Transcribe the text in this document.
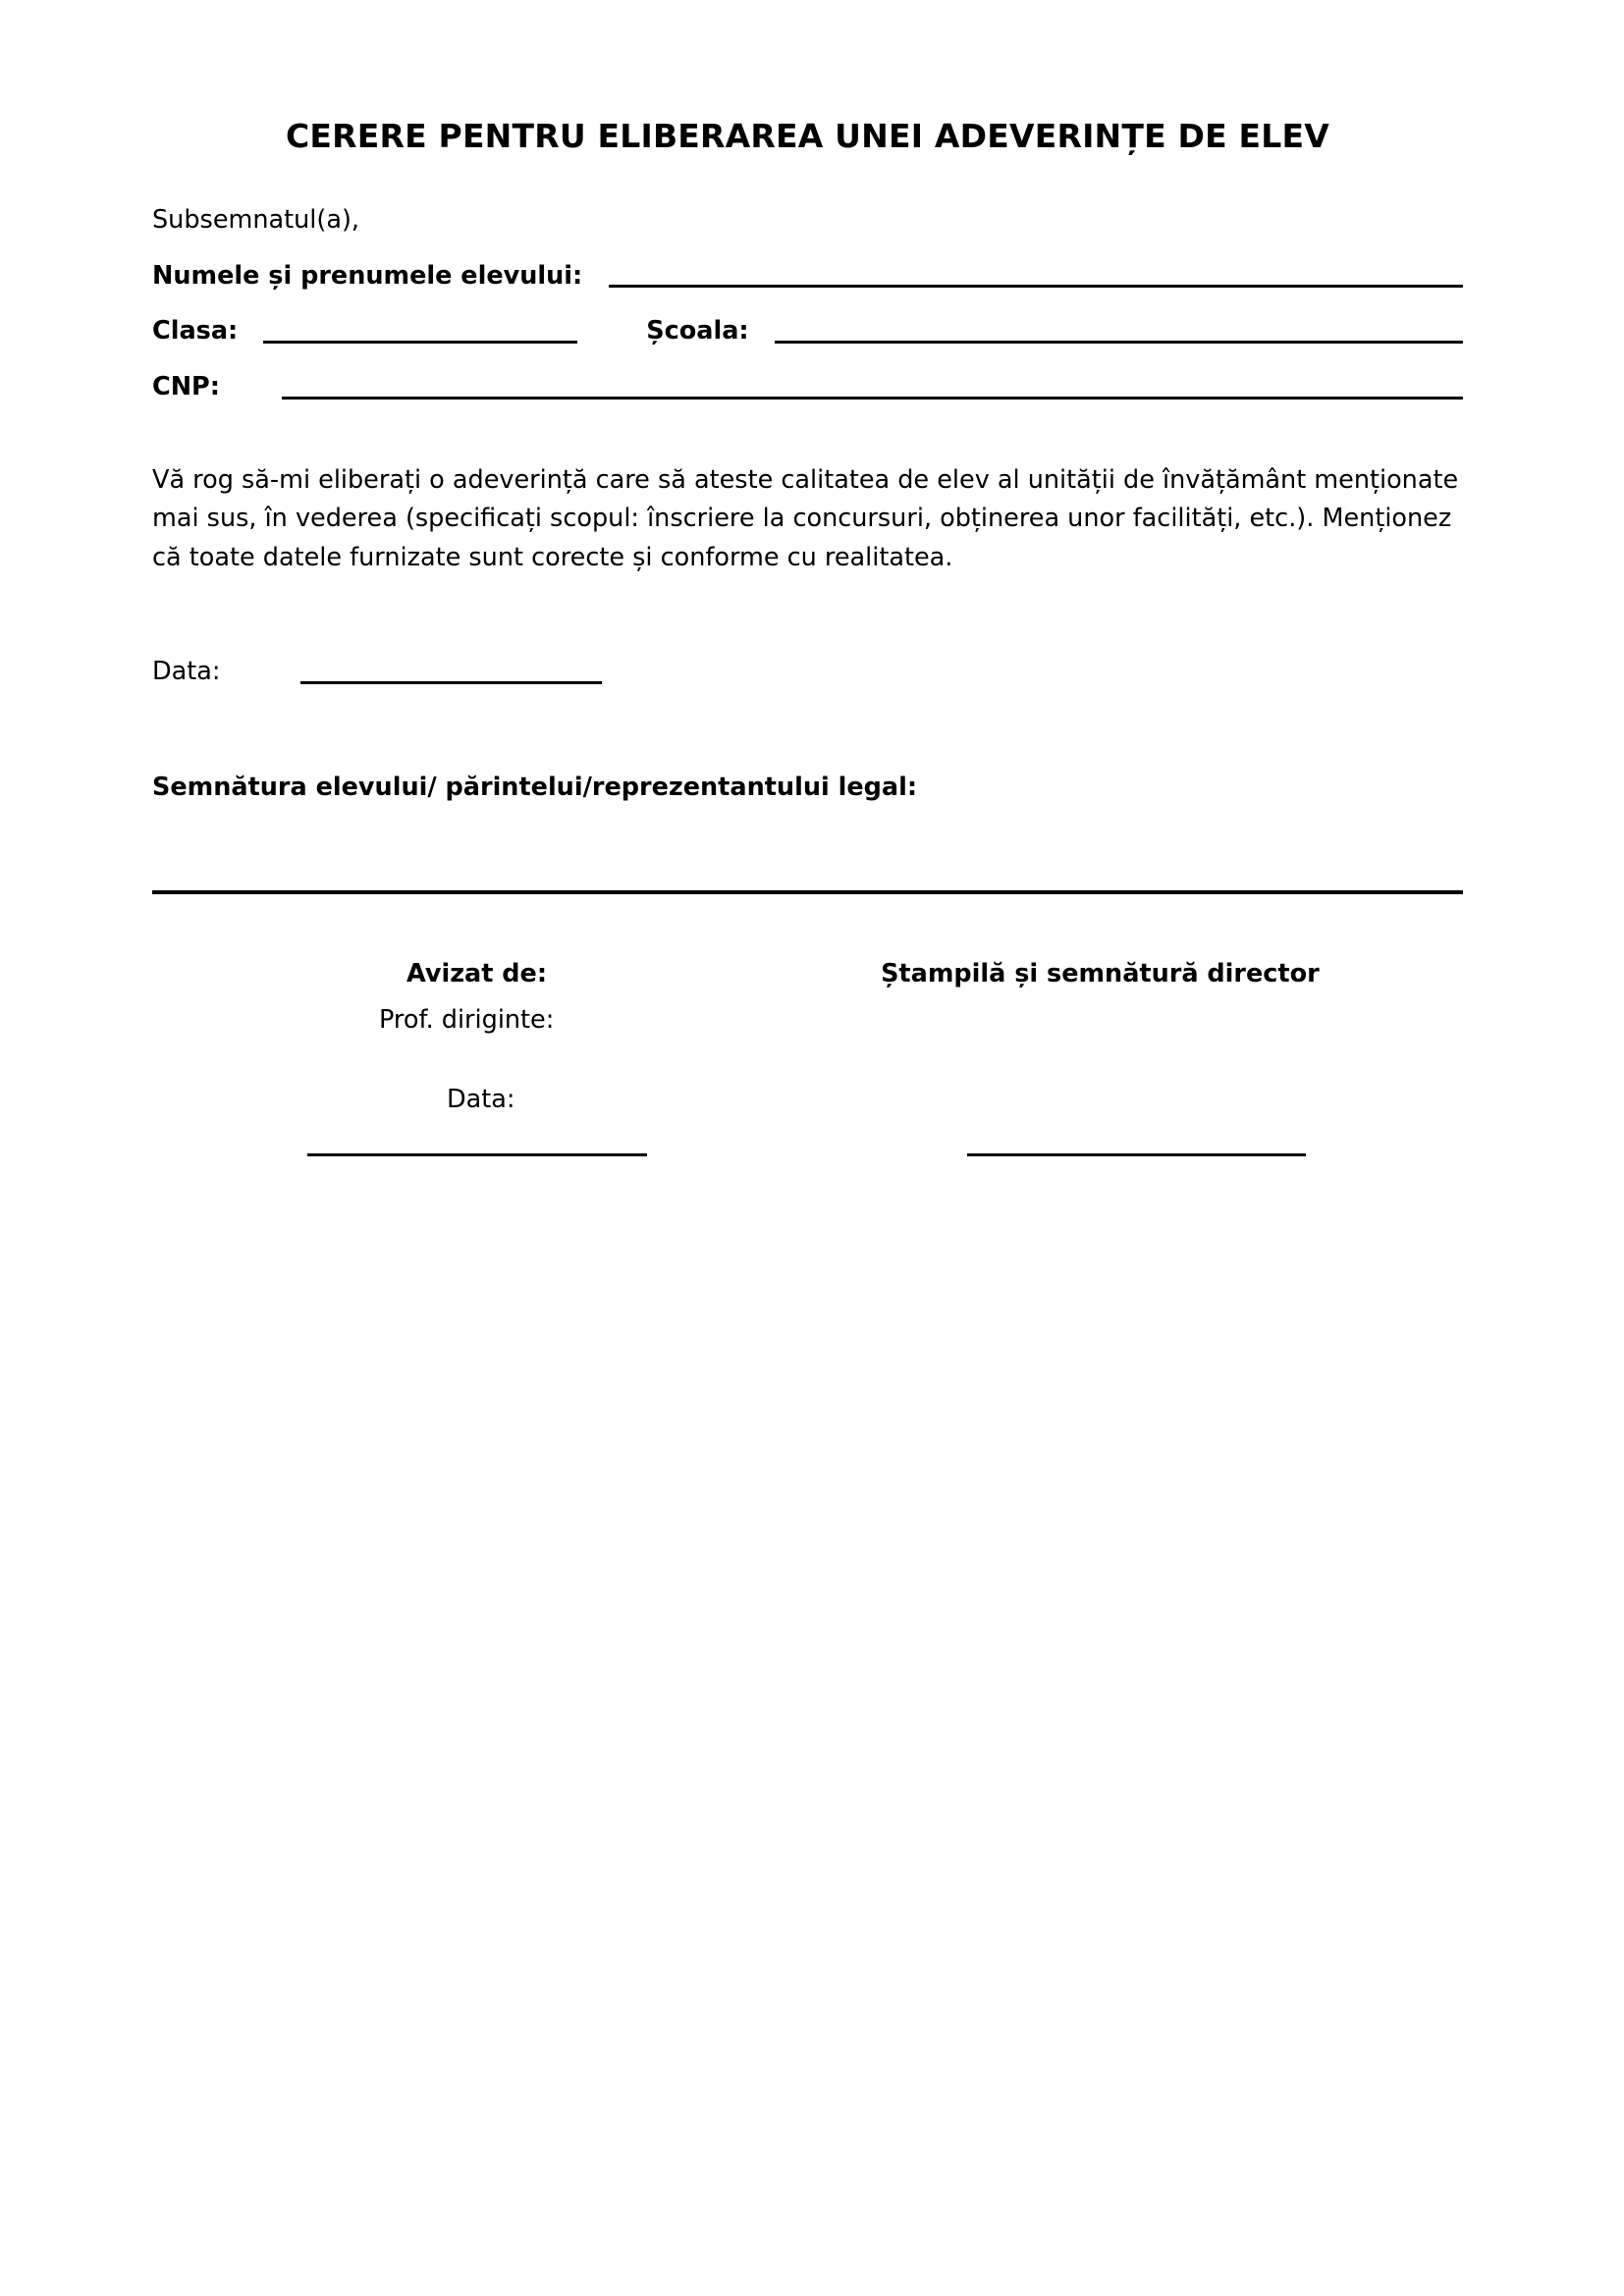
CERERE PENTRU ELIBERAREA UNEI ADEVERINȚE DE ELEV

Subsemnatul(a),

Numele și prenumele elevului:
Clasa:	Școala:
CNP:

Vă rog să-mi eliberați o adeverință care să ateste calitatea de elev al unității de învățământ menționate mai sus, în vederea (specificați scopul: înscriere la concursuri, obținerea unor facilități, etc.). Menționez că toate datele furnizate sunt corecte și conforme cu realitatea.

Data:

Semnătura elevului/ părintelui/reprezentantului legal:

Avizat de:	Ștampilă și semnătură director
Prof. diriginte:
Data:
